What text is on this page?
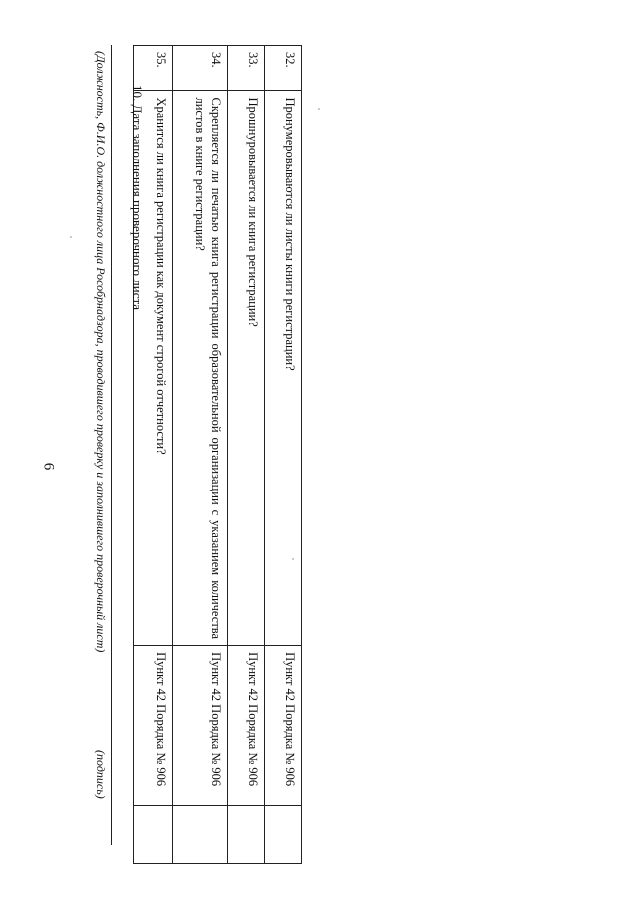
6
32.	Пронумеровываются ли листы книги регистрации?	Пункт 42 Порядка № 906	
33.	Прошнуровывается ли книга регистрации?	Пункт 42 Порядка № 906	
34.	Скрепляется ли печатью книга регистрации образовательной организации с указанием количества листов в книге регистрации?	Пункт 42 Порядка № 906	
35.	Хранится ли книга регистрации как документ строгой отчетности?	Пункт 42 Порядка № 906	
10. Дата заполнения проверочного листа
(Должность, Ф.И.О. должностного лица Рособрнадзора, проводившего проверку и заполнившего проверочный лист)
(подпись)
